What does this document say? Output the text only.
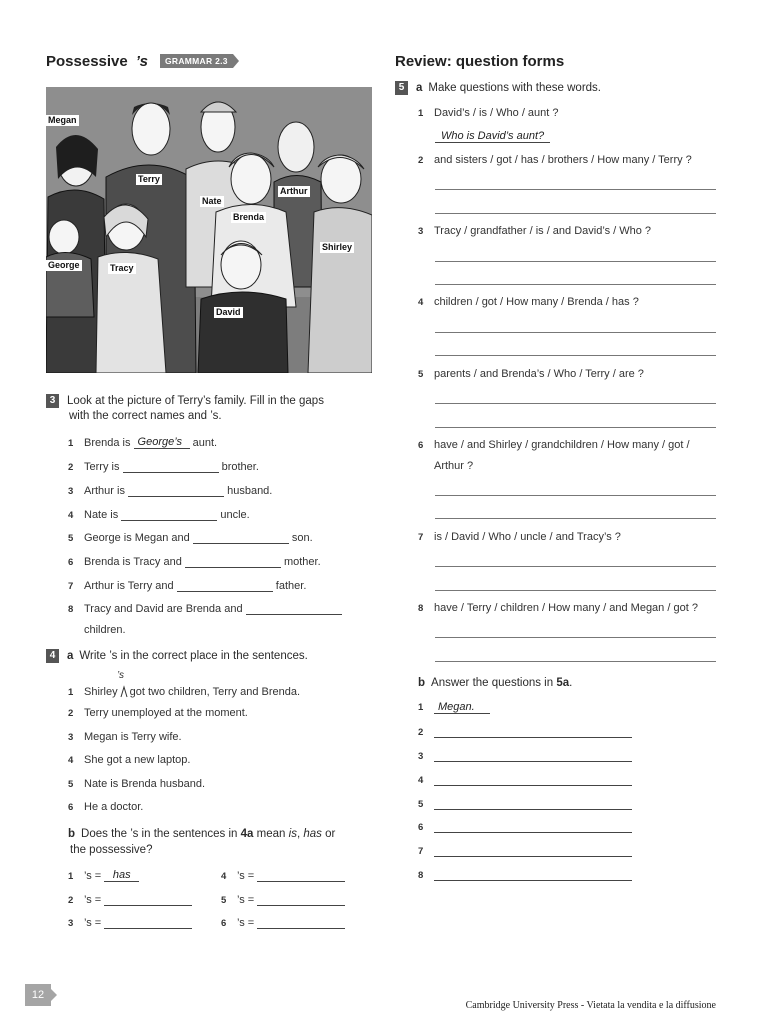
Possessive ’s	GRAMMAR 2.3
Megan
Terry
Nate
Arthur
Brenda
Shirley
George	Tracy
David
3 Look at the picture of Terry’s family. Fill in the gaps
with the correct names and ’s.
1 Brenda is George’s aunt.
2 Terry is	brother.
3 Arthur is	husband.
4 Nate is	uncle.
5 George is Megan and	son.
6 Brenda is Tracy and	mother.
7 Arthur is Terry and	father.
8 Tracy and David are Brenda and
children.
4 a Write ’s in the correct place in the sentences.
’s
1 Shirley got two children, Terry and Brenda.
2 Terry unemployed at the moment.
3 Megan is Terry wife.
4 She got a new laptop.
5 Nate is Brenda husband.
6 He a doctor.
b Does the ’s in the sentences in 4a mean is, has or
the possessive?
1 ’s = has
2 ’s =
3 ’s =
4 ’s =
5 ’s =
6 ’s =
Review: question forms
5 a Make questions with these words.
1 David’s / is / Who / aunt ?
Who is David’s aunt?
2 and sisters / got / has / brothers / How many / Terry ?
3 Tracy / grandfather / is / and David’s / Who ?
4 children / got / How many / Brenda / has ?
5 parents / and Brenda’s / Who / Terry / are ?
6 have / and Shirley / grandchildren / How many / got /
Arthur ?
7 is / David / Who / uncle / and Tracy’s ?
8 have / Terry / children / How many / and Megan / got ?
b Answer the questions in 5a.
1 Megan.
2
3
4
5
6
7
8
12
Cambridge University Press - Vietata la vendita e la diffusione
